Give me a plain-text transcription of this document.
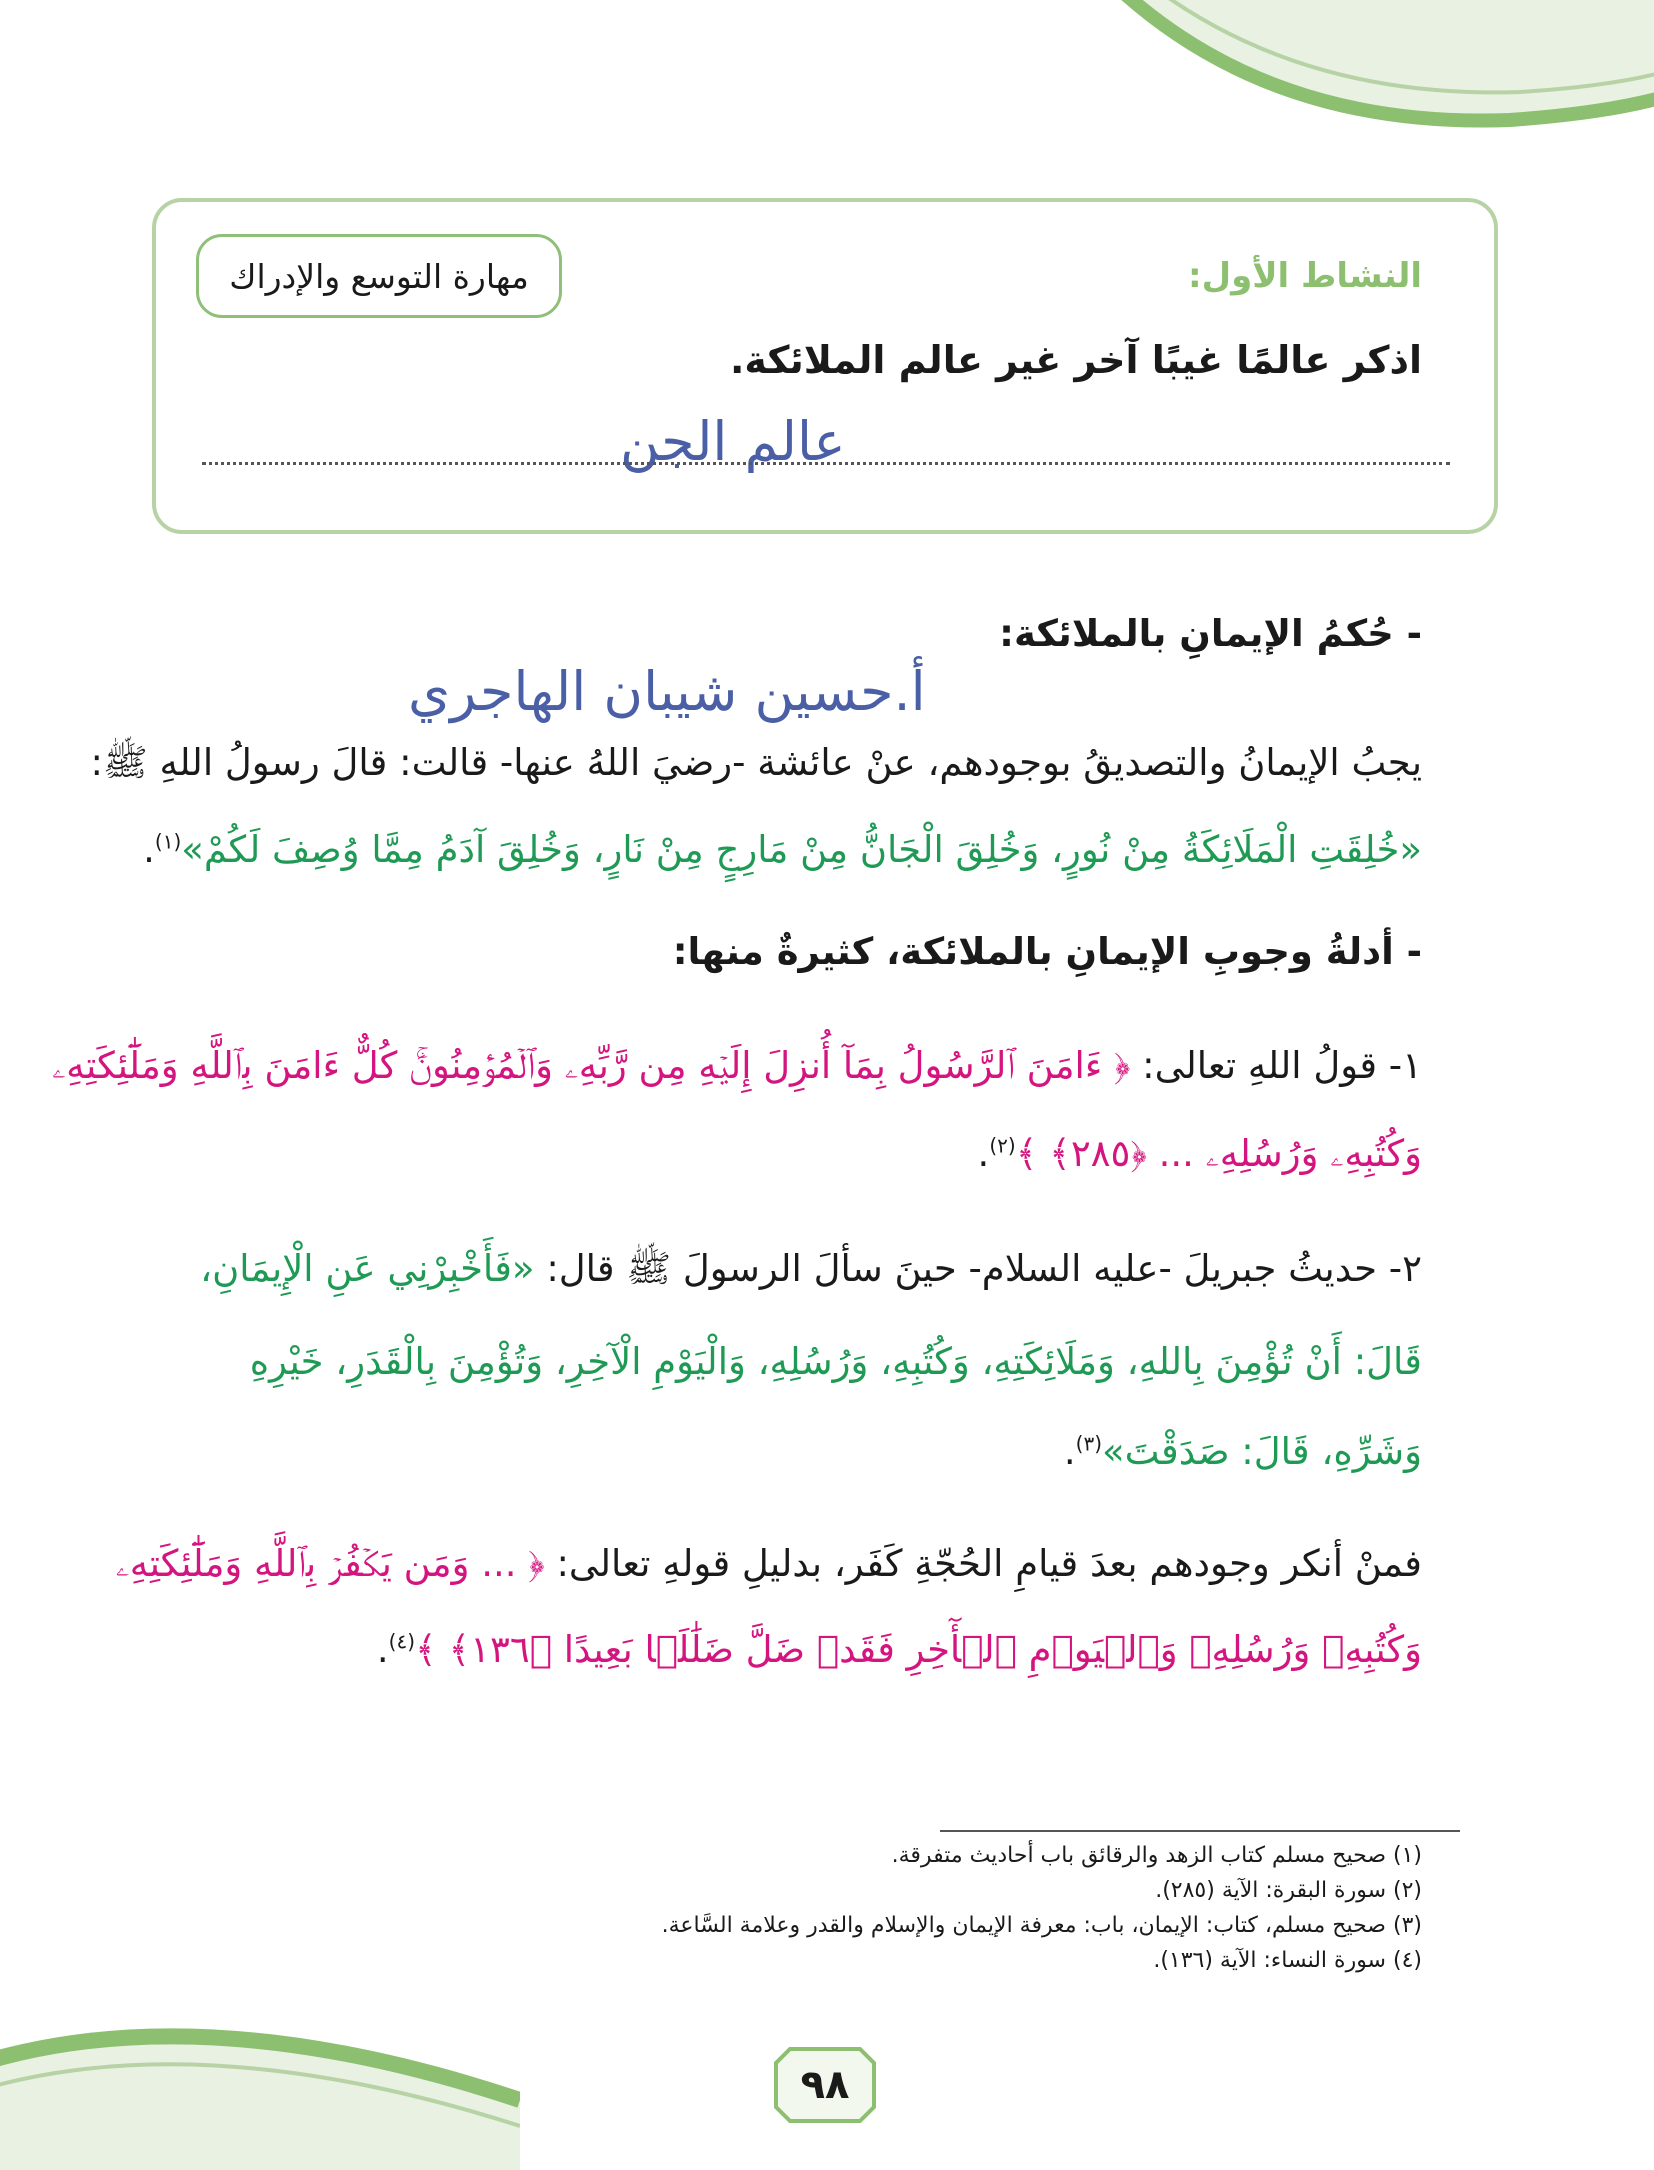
مهارة التوسع والإدراك	النشاط الأول:
اذكر عالمًا غيبًا آخر غير عالم الملائكة.
عالم الجن
- حُكمُ الإيمانِ بالملائكة:
أ.حسين شيبان الهاجري
يجبُ الإيمانُ والتصديقُ بوجودهم، عنْ عائشة -رضيَ اللهُ عنها- قالت: قالَ رسولُ اللهِ ﷺ:
«خُلِقَتِ الْمَلَائِكَةُ مِنْ نُورٍ، وَخُلِقَ الْجَانُّ مِنْ مَارِجٍ مِنْ نَارٍ، وَخُلِقَ آدَمُ مِمَّا وُصِفَ لَكُمْ»$^{(١)}$.
- أدلةُ وجوبِ الإيمانِ بالملائكة، كثيرةٌ منها:
١- قولُ اللهِ تعالى: ﴿ ءَامَنَ ٱلرَّسُولُ بِمَآ أُنزِلَ إِلَيۡهِ مِن رَّبِّهِۦ وَٱلۡمُؤۡمِنُونَۚ كُلٌّ ءَامَنَ بِٱللَّهِ وَمَلَٰٓئِكَتِهِۦ
وَكُتُبِهِۦ وَرُسُلِهِۦ ... ﴿٢٨٥﴾ ﴾$^{(٢)}$.
٢- حديثُ جبريلَ -عليه السلام- حينَ سألَ الرسولَ ﷺ قال: «فَأَخْبِرْنِي عَنِ الْإِيمَانِ،
قَالَ: أَنْ تُؤْمِنَ بِاللهِ، وَمَلَائِكَتِهِ، وَكُتُبِهِ، وَرُسُلِهِ، وَالْيَوْمِ الْآخِرِ، وَتُؤْمِنَ بِالْقَدَرِ، خَيْرِهِ
وَشَرِّهِ، قَالَ: صَدَقْتَ»$^{(٣)}$.
فمنْ أنكر وجودهم بعدَ قيامِ الحُجّةِ كَفَر، بدليلِ قولهِ تعالى: ﴿ ... وَمَن يَكۡفُرۡ بِٱللَّهِ وَمَلَٰٓئِكَتِهِۦ
وَكُتُبِهِۦ وَرُسُلِهِۦ وَٱلۡيَوۡمِ ٱلۡأٓخِرِ فَقَدۡ ضَلَّ ضَلَٰلَۢا بَعِيدًا ﴿١٣٦﴾ ﴾$^{(٤)}$.
(١) صحيح مسلم كتاب الزهد والرقائق باب أحاديث متفرقة.
(٢) سورة البقرة: الآية (٢٨٥).
(٣) صحيح مسلم، كتاب: الإيمان، باب: معرفة الإيمان والإسلام والقدر وعلامة السَّاعة.
(٤) سورة النساء: الآية (١٣٦).
٩٨
